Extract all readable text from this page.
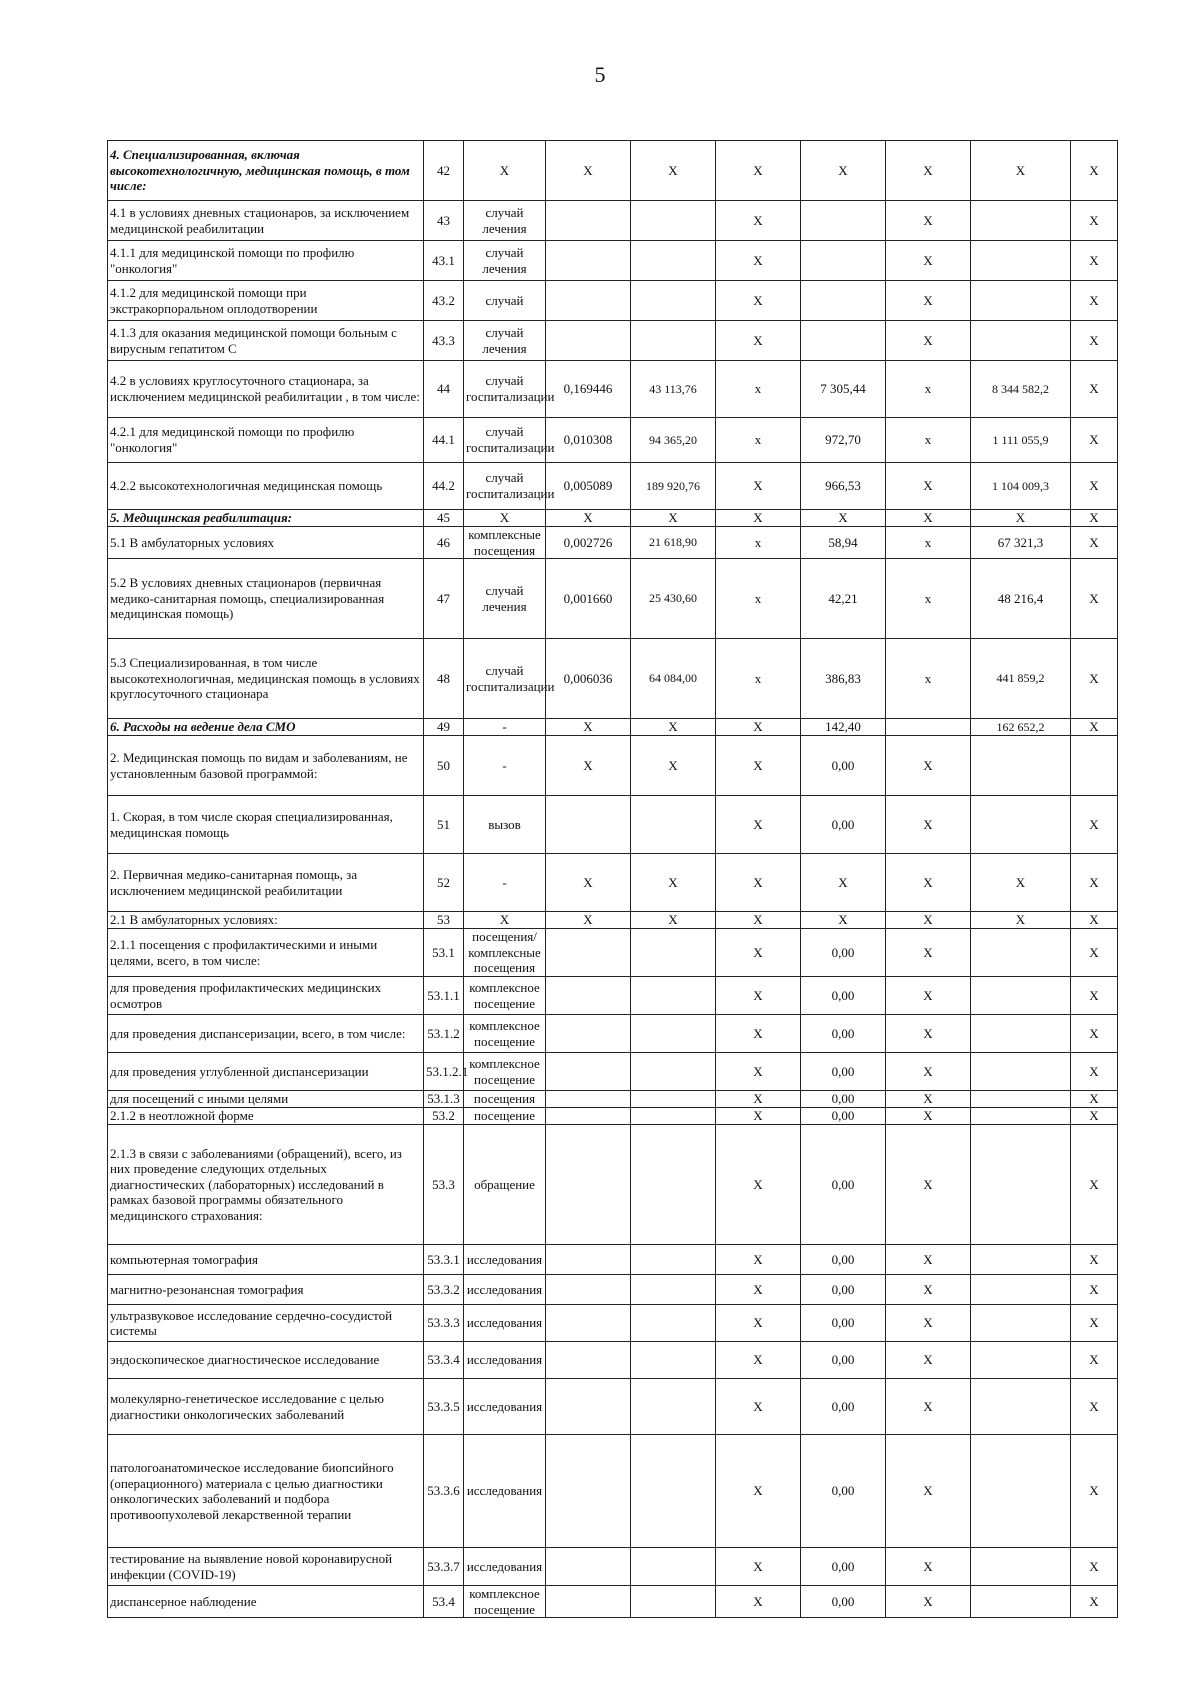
5
4. Специализированная, включая высокотехнологичную, медицинская помощь, в том числе:	42	Х	Х	Х	Х	Х	Х	Х	Х
4.1 в условиях дневных стационаров, за исключением медицинской реабилитации	43	случай лечения			Х		Х		Х
4.1.1 для медицинской помощи по профилю "онкология"	43.1	случай лечения			Х		Х		Х
4.1.2 для медицинской помощи при экстракорпоральном оплодотворении	43.2	случай			Х		Х		Х
4.1.3 для оказания медицинской помощи больным с вирусным гепатитом С	43.3	случай лечения			Х		Х		Х
4.2 в условиях круглосуточного стационара, за исключением медицинской реабилитации , в том числе:	44	случай госпитализации	0,169446	43 113,76	х	7 305,44	х	8 344 582,2	Х
4.2.1 для медицинской помощи по профилю "онкология"	44.1	случай госпитализации	0,010308	94 365,20	х	972,70	х	1 111 055,9	Х
4.2.2 высокотехнологичная медицинская помощь	44.2	случай госпитализации	0,005089	189 920,76	Х	966,53	Х	1 104 009,3	Х
5. Медицинская реабилитация:	45	Х	Х	Х	Х	Х	Х	Х	Х
5.1 В амбулаторных условиях	46	комплексные посещения	0,002726	21 618,90	х	58,94	х	67 321,3	Х
5.2 В условиях дневных стационаров (первичная медико-санитарная помощь, специализированная медицинская помощь)	47	случай лечения	0,001660	25 430,60	х	42,21	х	48 216,4	Х
5.3 Специализированная, в том числе высокотехнологичная, медицинская помощь в условиях круглосуточного стационара	48	случай госпитализации	0,006036	64 084,00	х	386,83	х	441 859,2	Х
6. Расходы на ведение дела СМО	49	-	Х	Х	Х	142,40		162 652,2	Х
2. Медицинская помощь по видам и заболеваниям, не установленным базовой программой:	50	-	Х	Х	Х	0,00	Х		
1. Скорая, в том числе скорая специализированная, медицинская помощь	51	вызов			Х	0,00	Х		Х
2. Первичная медико-санитарная помощь, за исключением медицинской реабилитации	52	-	Х	Х	Х	Х	Х	Х	Х
2.1 В амбулаторных условиях:	53	Х	Х	Х	Х	Х	Х	Х	Х
2.1.1 посещения с профилактическими и иными целями, всего, в том числе:	53.1	посещения/комплексные посещения			Х	0,00	Х		Х
для проведения профилактических медицинских осмотров	53.1.1	комплексное посещение			Х	0,00	Х		Х
для проведения диспансеризации, всего, в том числе:	53.1.2	комплексное посещение			Х	0,00	Х		Х
для проведения углубленной диспансеризации	53.1.2.1	комплексное посещение			Х	0,00	Х		Х
для посещений с иными целями	53.1.3	посещения			Х	0,00	Х		Х
2.1.2 в неотложной форме	53.2	посещение			Х	0,00	Х		Х
2.1.3 в связи с заболеваниями (обращений), всего, из них проведение следующих отдельных диагностических (лабораторных) исследований в рамках базовой программы обязательного медицинского страхования:	53.3	обращение			Х	0,00	Х		Х
компьютерная томография	53.3.1	исследования			Х	0,00	Х		Х
магнитно-резонансная томография	53.3.2	исследования			Х	0,00	Х		Х
ультразвуковое исследование сердечно-сосудистой системы	53.3.3	исследования			Х	0,00	Х		Х
эндоскопическое диагностическое исследование	53.3.4	исследования			Х	0,00	Х		Х
молекулярно-генетическое исследование с целью диагностики онкологических заболеваний	53.3.5	исследования			Х	0,00	Х		Х
патологоанатомическое исследование биопсийного (операционного) материала с целью диагностики онкологических заболеваний и подбора противоопухолевой лекарственной терапии	53.3.6	исследования			Х	0,00	Х		Х
тестирование на выявление новой коронавирусной инфекции (COVID-19)	53.3.7	исследования			Х	0,00	Х		Х
диспансерное наблюдение	53.4	комплексное посещение			Х	0,00	Х		Х
